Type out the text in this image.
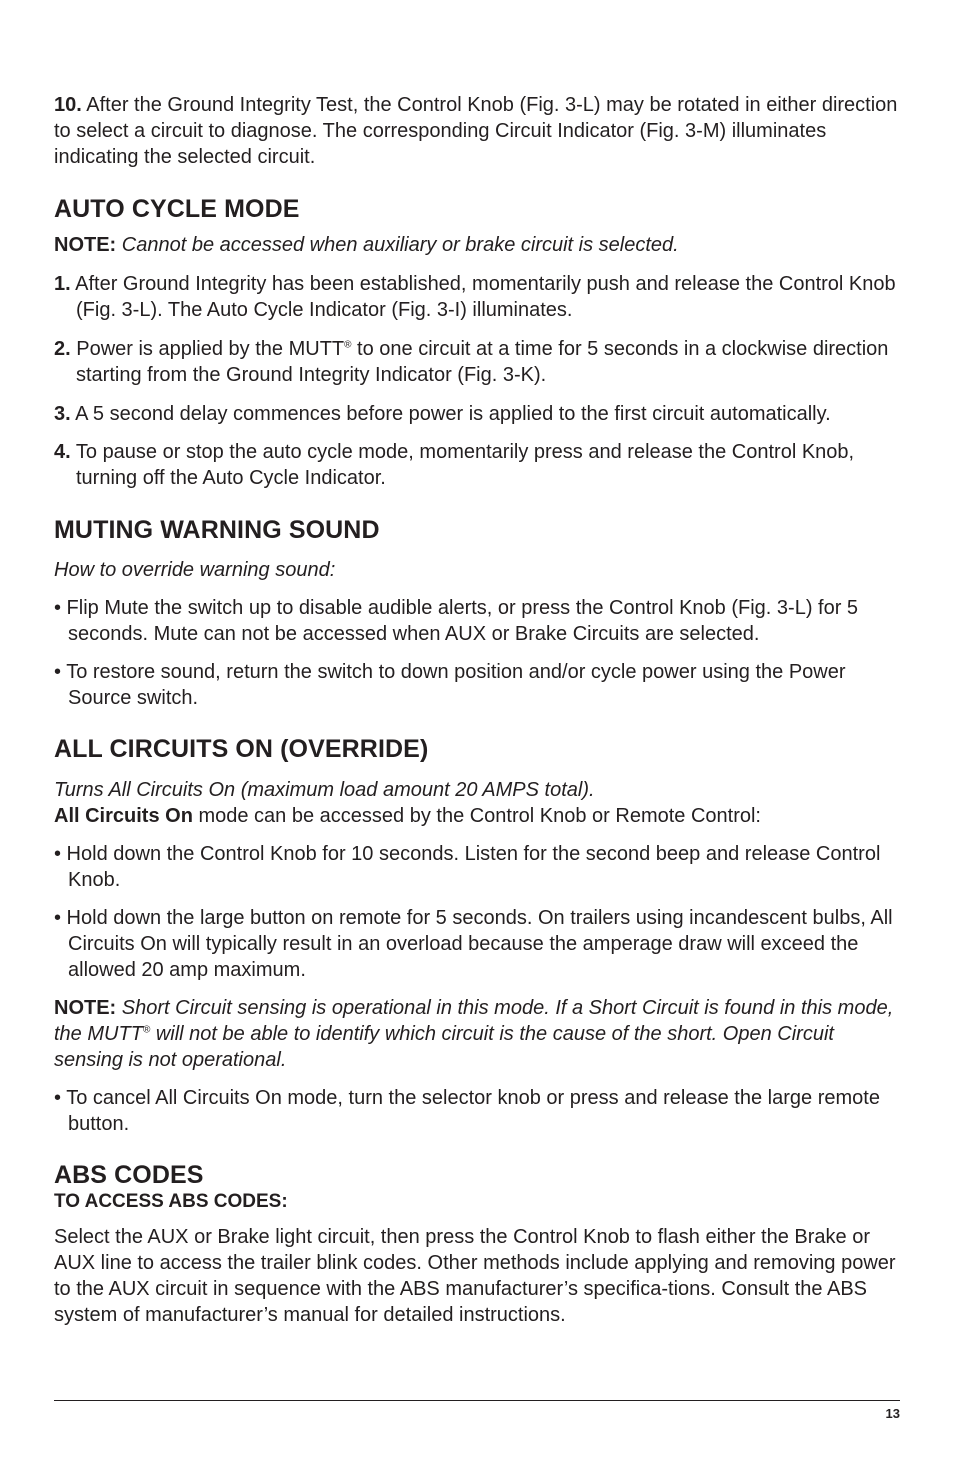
10. After the Ground Integrity Test, the Control Knob (Fig. 3-L) may be rotated in either direction to select a circuit to diagnose. The corresponding Circuit Indicator (Fig. 3-M) illuminates indicating the selected circuit.

AUTO CYCLE MODE

NOTE: Cannot be accessed when auxiliary or brake circuit is selected.

1. After Ground Integrity has been established, momentarily push and release the Control Knob (Fig. 3-L). The Auto Cycle Indicator (Fig. 3-I) illuminates.

2. Power is applied by the MUTT® to one circuit at a time for 5 seconds in a clockwise direction starting from the Ground Integrity Indicator (Fig. 3-K).

3. A 5 second delay commences before power is applied to the first circuit automatically.

4. To pause or stop the auto cycle mode, momentarily press and release the Control Knob, turning off the Auto Cycle Indicator.

MUTING WARNING SOUND

How to override warning sound:

• Flip Mute the switch up to disable audible alerts, or press the Control Knob (Fig. 3-L) for 5 seconds. Mute can not be accessed when AUX or Brake Circuits are selected.

• To restore sound, return the switch to down position and/or cycle power using the Power Source switch.

ALL CIRCUITS ON (OVERRIDE)

Turns All Circuits On (maximum load amount 20 AMPS total).

All Circuits On mode can be accessed by the Control Knob or Remote Control:

• Hold down the Control Knob for 10 seconds. Listen for the second beep and release Control Knob.

• Hold down the large button on remote for 5 seconds. On trailers using incandescent bulbs, All Circuits On will typically result in an overload because the amperage draw will exceed the allowed 20 amp maximum.

NOTE: Short Circuit sensing is operational in this mode. If a Short Circuit is found in this mode, the MUTT® will not be able to identify which circuit is the cause of the short. Open Circuit sensing is not operational.

• To cancel All Circuits On mode, turn the selector knob or press and release the large remote button.

ABS CODES

TO ACCESS ABS CODES:

Select the AUX or Brake light circuit, then press the Control Knob to flash either the Brake or AUX line to access the trailer blink codes. Other methods include applying and removing power to the AUX circuit in sequence with the ABS manufacturer’s specifica-tions. Consult the ABS system of manufacturer’s manual for detailed instructions.

13
